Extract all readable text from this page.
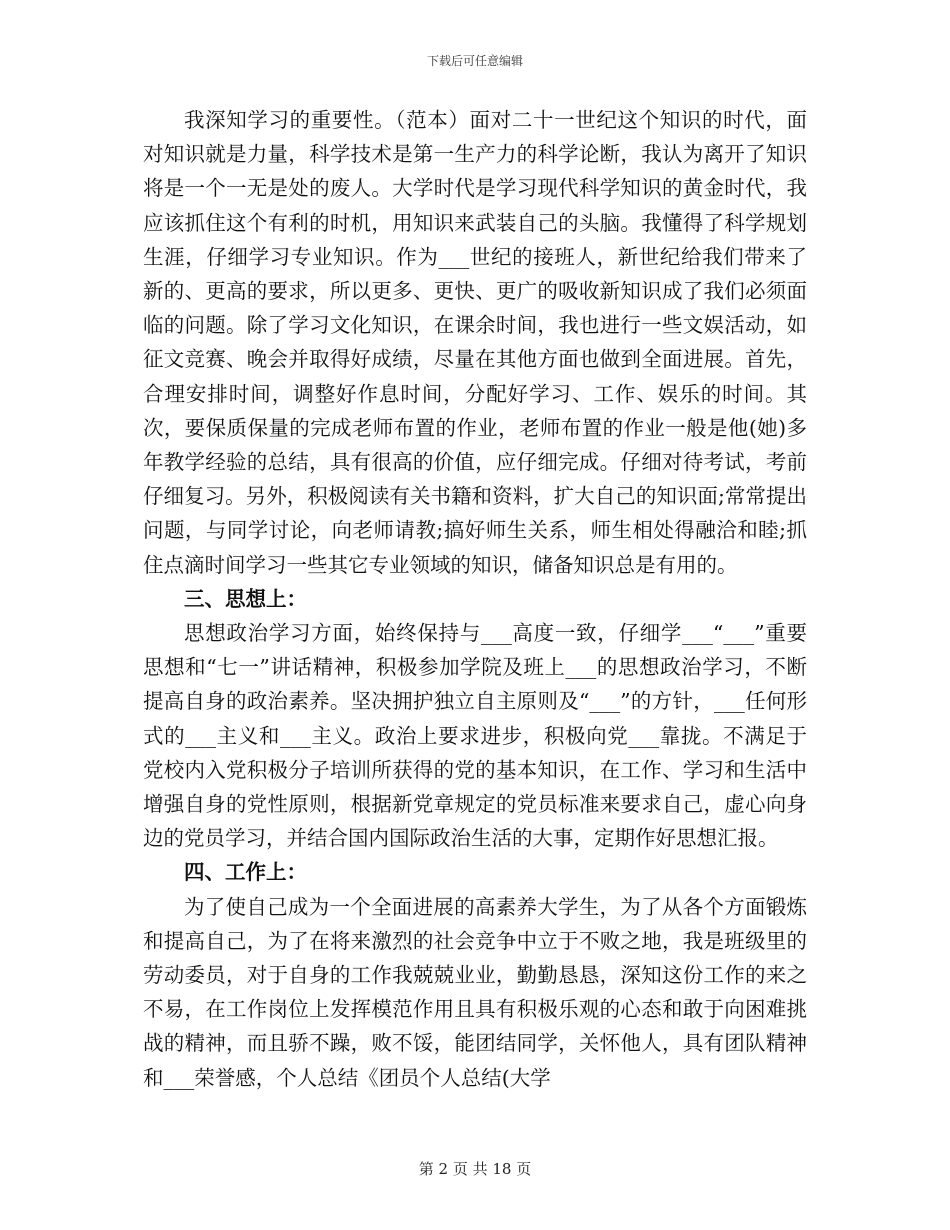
下载后可任意编辑

我深知学习的重要性。（范本）面对二十一世纪这个知识的时代，面对知识就是力量，科学技术是第一生产力的科学论断，我认为离开了知识将是一个一无是处的废人。大学时代是学习现代科学知识的黄金时代，我应该抓住这个有利的时机，用知识来武装自己的头脑。我懂得了科学规划生涯，仔细学习专业知识。作为___世纪的接班人，新世纪给我们带来了新的、更高的要求，所以更多、更快、更广的吸收新知识成了我们必须面临的问题。除了学习文化知识，在课余时间，我也进行一些文娱活动，如征文竞赛、晚会并取得好成绩，尽量在其他方面也做到全面进展。首先，合理安排时间，调整好作息时间，分配好学习、工作、娱乐的时间。其次，要保质保量的完成老师布置的作业，老师布置的作业一般是他(她)多年教学经验的总结，具有很高的价值，应仔细完成。仔细对待考试，考前仔细复习。另外，积极阅读有关书籍和资料，扩大自己的知识面;常常提出问题，与同学讨论，向老师请教;搞好师生关系，师生相处得融洽和睦;抓住点滴时间学习一些其它专业领域的知识，储备知识总是有用的。

三、思想上：

思想政治学习方面，始终保持与___高度一致，仔细学___“___”重要思想和“七一”讲话精神，积极参加学院及班上___的思想政治学习，不断提高自身的政治素养。坚决拥护独立自主原则及“___”的方针，___任何形式的___主义和___主义。政治上要求进步，积极向党___靠拢。不满足于党校内入党积极分子培训所获得的党的基本知识，在工作、学习和生活中增强自身的党性原则，根据新党章规定的党员标准来要求自己，虚心向身边的党员学习，并结合国内国际政治生活的大事，定期作好思想汇报。

四、工作上：

为了使自己成为一个全面进展的高素养大学生，为了从各个方面锻炼和提高自己，为了在将来激烈的社会竞争中立于不败之地，我是班级里的劳动委员，对于自身的工作我兢兢业业，勤勤恳恳，深知这份工作的来之不易，在工作岗位上发挥模范作用且具有积极乐观的心态和敢于向困难挑战的精神，而且骄不躁，败不馁，能团结同学，关怀他人，具有团队精神和___荣誉感，个人总结《团员个人总结(大学

第 2 页 共 18 页
